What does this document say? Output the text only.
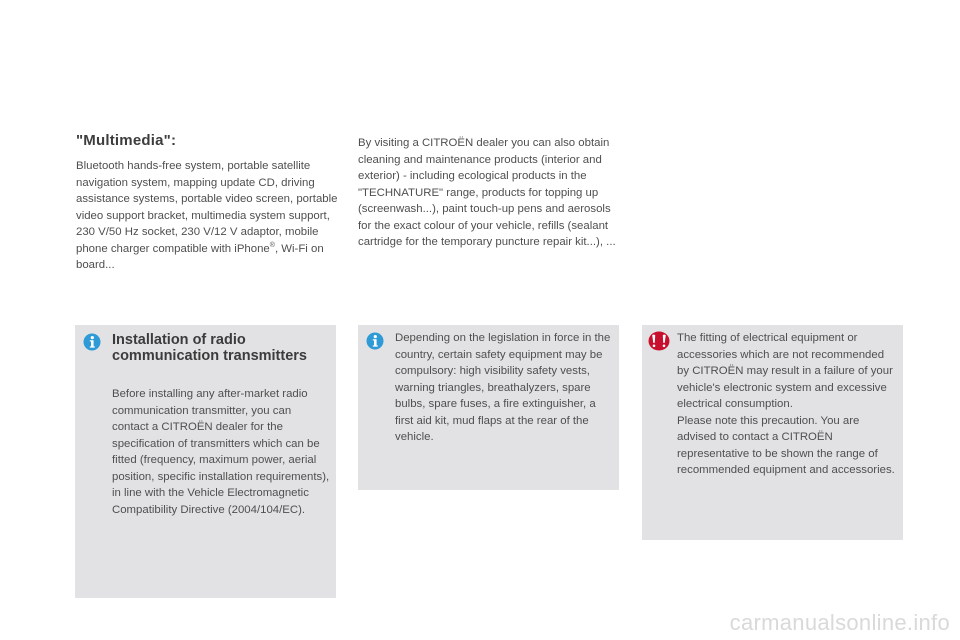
"Multimedia":

Bluetooth hands-free system, portable satellite navigation system, mapping update CD, driving assistance systems, portable video screen, portable video support bracket, multimedia system support, 230 V/50 Hz socket, 230 V/12 V adaptor, mobile phone charger compatible with iPhone®, Wi-Fi on board...

By visiting a CITROËN dealer you can also obtain cleaning and maintenance products (interior and exterior) - including ecological products in the "TECHNATURE" range, products for topping up (screenwash...), paint touch-up pens and aerosols for the exact colour of your vehicle, refills (sealant cartridge for the temporary puncture repair kit...), ...

Installation of radio communication transmitters

Before installing any after-market radio communication transmitter, you can contact a CITROËN dealer for the specification of transmitters which can be fitted (frequency, maximum power, aerial position, specific installation requirements), in line with the Vehicle Electromagnetic Compatibility Directive (2004/104/EC).

Depending on the legislation in force in the country, certain safety equipment may be compulsory: high visibility safety vests, warning triangles, breathalyzers, spare bulbs, spare fuses, a fire extinguisher, a first aid kit, mud flaps at the rear of the vehicle.

The fitting of electrical equipment or accessories which are not recommended by CITROËN may result in a failure of your vehicle's electronic system and excessive electrical consumption.
Please note this precaution. You are advised to contact a CITROËN representative to be shown the range of recommended equipment and accessories.

carmanualsonline.info
